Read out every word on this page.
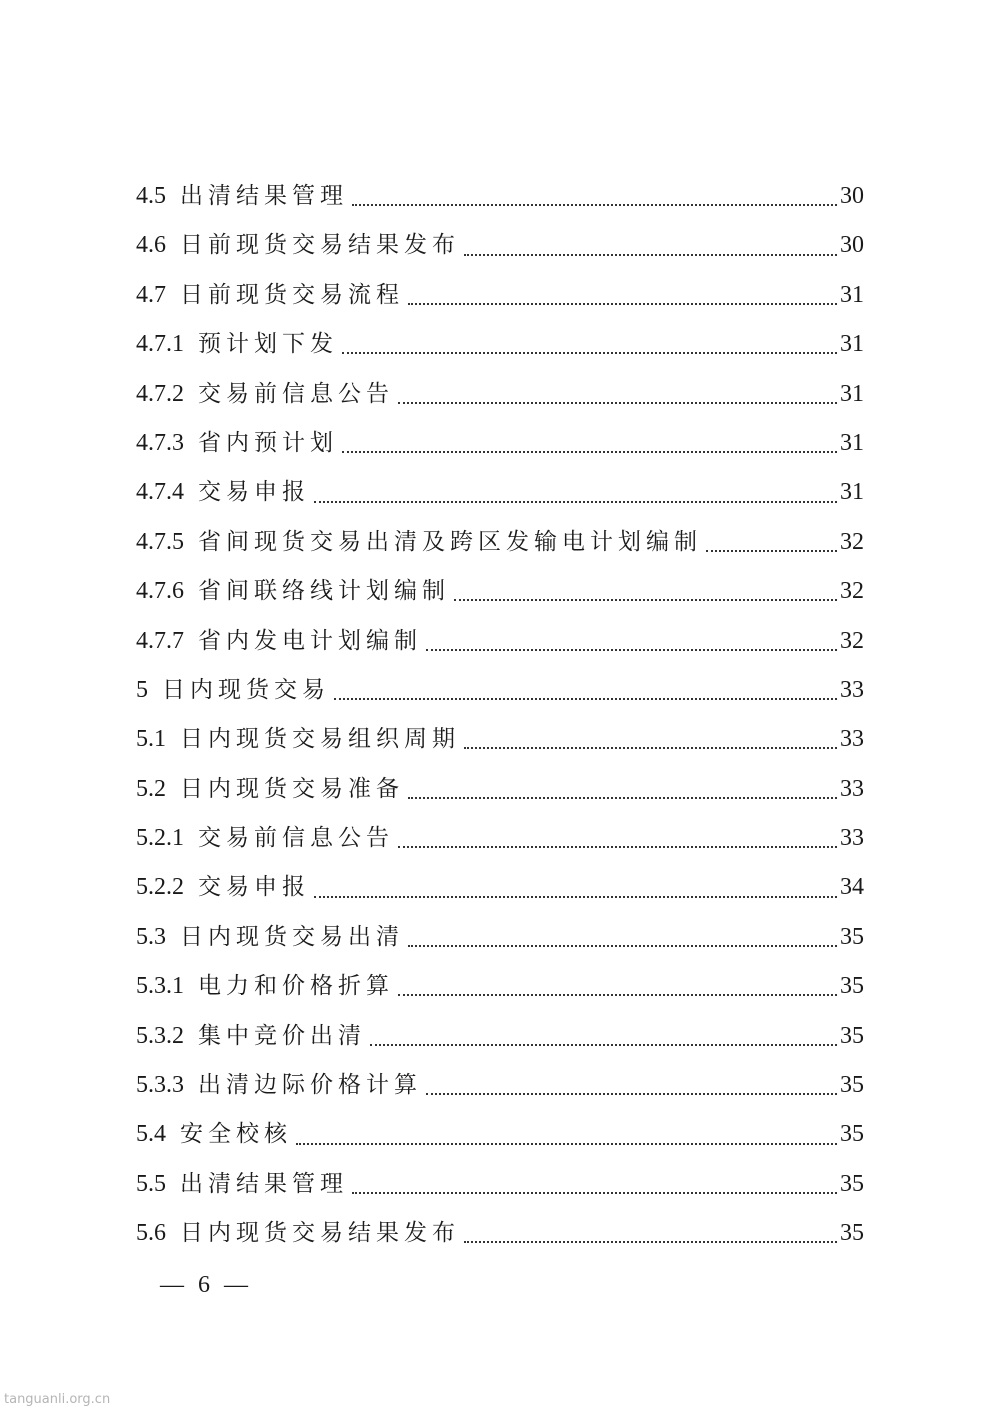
4.5 出清结果管理	30
4.6 日前现货交易结果发布	30
4.7 日前现货交易流程	31
4.7.1 预计划下发	31
4.7.2 交易前信息公告	31
4.7.3 省内预计划	31
4.7.4 交易申报	31
4.7.5 省间现货交易出清及跨区发输电计划编制	32
4.7.6 省间联络线计划编制	32
4.7.7 省内发电计划编制	32
5 日内现货交易	33
5.1 日内现货交易组织周期	33
5.2 日内现货交易准备	33
5.2.1 交易前信息公告	33
5.2.2 交易申报	34
5.3 日内现货交易出清	35
5.3.1 电力和价格折算	35
5.3.2 集中竞价出清	35
5.3.3 出清边际价格计算	35
5.4 安全校核	35
5.5 出清结果管理	35
5.6 日内现货交易结果发布	35
— 6 —
tanguanli.org.cn
